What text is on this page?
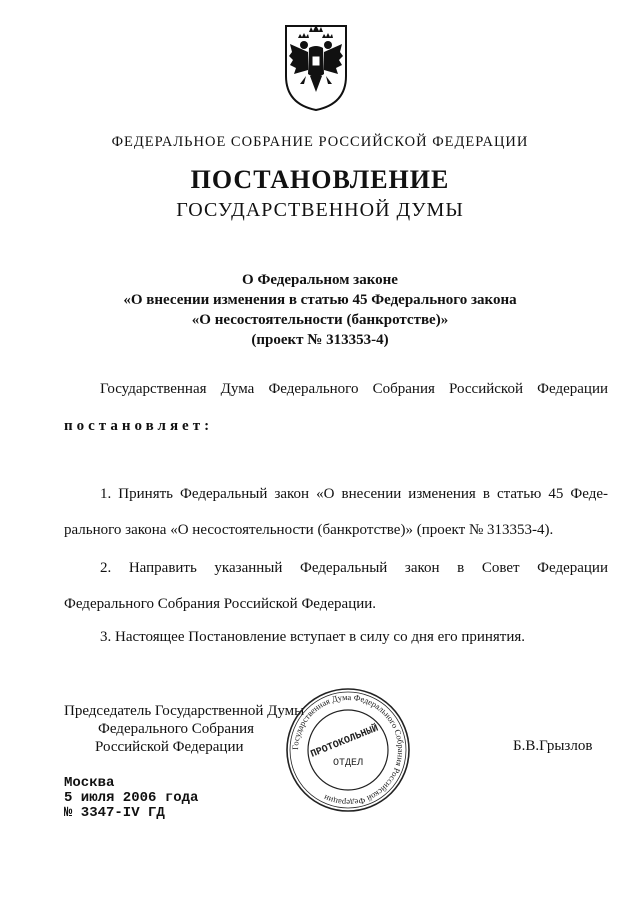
ФЕДЕРАЛЬНОЕ СОБРАНИЕ РОССИЙСКОЙ ФЕДЕРАЦИИ
ПОСТАНОВЛЕНИЕ
ГОСУДАРСТВЕННОЙ ДУМЫ
О Федеральном законе
«О внесении изменения в статью 45 Федерального закона
«О несостоятельности (банкротстве)»
(проект № 313353-4)
Государственная Дума Федерального Собрания Российской Федерации
постановляет:
1. Принять Федеральный закон «О внесении изменения в статью 45 Феде-
рального закона «О несостоятельности (банкротстве)» (проект № 313353-4).
2. Направить указанный Федеральный закон в Совет Федерации
Федерального Собрания Российской Федерации.
3. Настоящее Постановление вступает в силу со дня его принятия.
Председатель Государственной Думы
Федерального Собрания
Российской Федерации	Б.В.Грызлов
Государственная Дума Федерального Собрания Российской Федерации
ПРОТОКОЛЬНЫЙ
ОТДЕЛ
Москва
5 июля 2006 года
№ 3347-IV ГД
